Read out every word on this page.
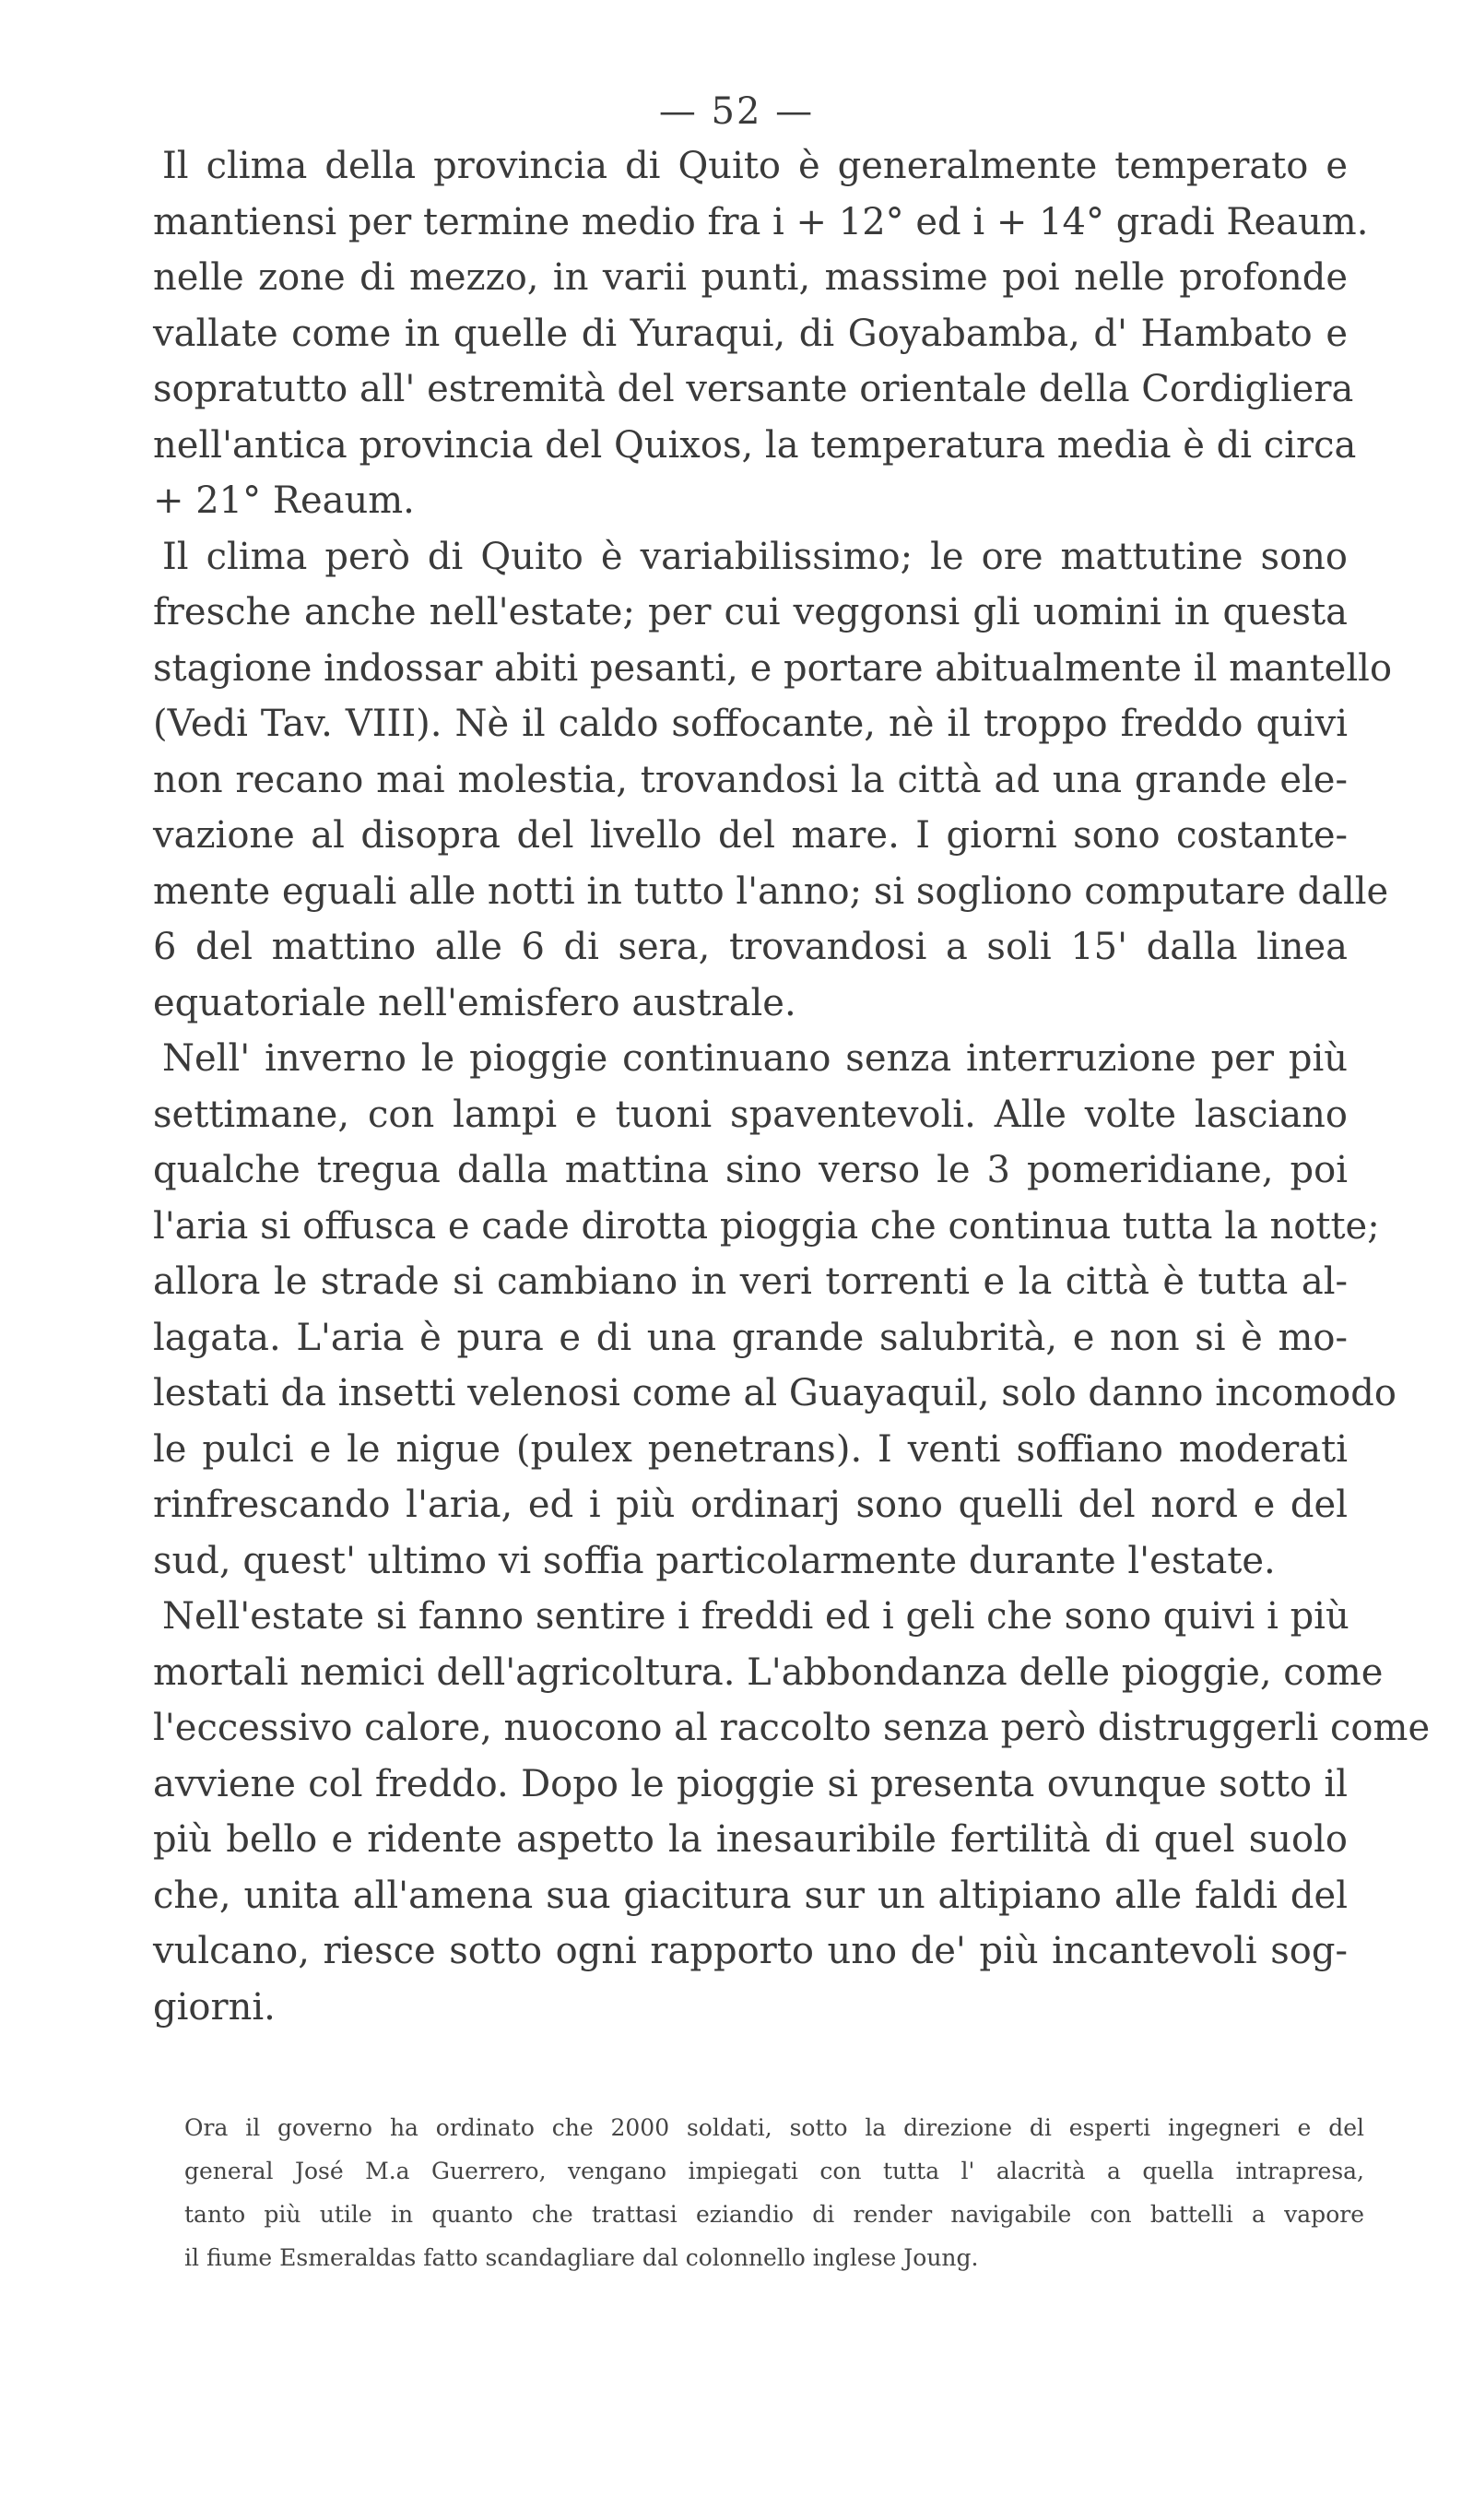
— 52 —
Il clima della provincia di Quito è generalmente temperato e
mantiensi per termine medio fra i + 12° ed i + 14° gradi Reaum.
nelle zone di mezzo, in varii punti, massime poi nelle profonde
vallate come in quelle di Yuraqui, di Goyabamba, d' Hambato e
sopratutto all' estremità del versante orientale della Cordigliera
nell'antica provincia del Quixos, la temperatura media è di circa
+ 21° Reaum.
Il clima però di Quito è variabilissimo; le ore mattutine sono
fresche anche nell'estate; per cui veggonsi gli uomini in questa
stagione indossar abiti pesanti, e portare abitualmente il mantello
(Vedi Tav. VIII). Nè il caldo soffocante, nè il troppo freddo quivi
non recano mai molestia, trovandosi la città ad una grande ele-
vazione al disopra del livello del mare. I giorni sono costante-
mente eguali alle notti in tutto l'anno; si sogliono computare dalle
6 del mattino alle 6 di sera, trovandosi a soli 15' dalla linea
equatoriale nell'emisfero australe.
Nell' inverno le pioggie continuano senza interruzione per più
settimane, con lampi e tuoni spaventevoli. Alle volte lasciano
qualche tregua dalla mattina sino verso le 3 pomeridiane, poi
l'aria si offusca e cade dirotta pioggia che continua tutta la notte;
allora le strade si cambiano in veri torrenti e la città è tutta al-
lagata. L'aria è pura e di una grande salubrità, e non si è mo-
lestati da insetti velenosi come al Guayaquil, solo danno incomodo
le pulci e le nigue (pulex penetrans). I venti soffiano moderati
rinfrescando l'aria, ed i più ordinarj sono quelli del nord e del
sud, quest' ultimo vi soffia particolarmente durante l'estate.
Nell'estate si fanno sentire i freddi ed i geli che sono quivi i più
mortali nemici dell'agricoltura. L'abbondanza delle pioggie, come
l'eccessivo calore, nuocono al raccolto senza però distruggerli come
avviene col freddo. Dopo le pioggie si presenta ovunque sotto il
più bello e ridente aspetto la inesauribile fertilità di quel suolo
che, unita all'amena sua giacitura sur un altipiano alle faldi del
vulcano, riesce sotto ogni rapporto uno de' più incantevoli sog-
giorni.
Ora il governo ha ordinato che 2000 soldati, sotto la direzione di esperti ingegneri e del
general José M.a Guerrero, vengano impiegati con tutta l' alacrità a quella intrapresa,
tanto più utile in quanto che trattasi eziandio di render navigabile con battelli a vapore
il fiume Esmeraldas fatto scandagliare dal colonnello inglese Joung.
